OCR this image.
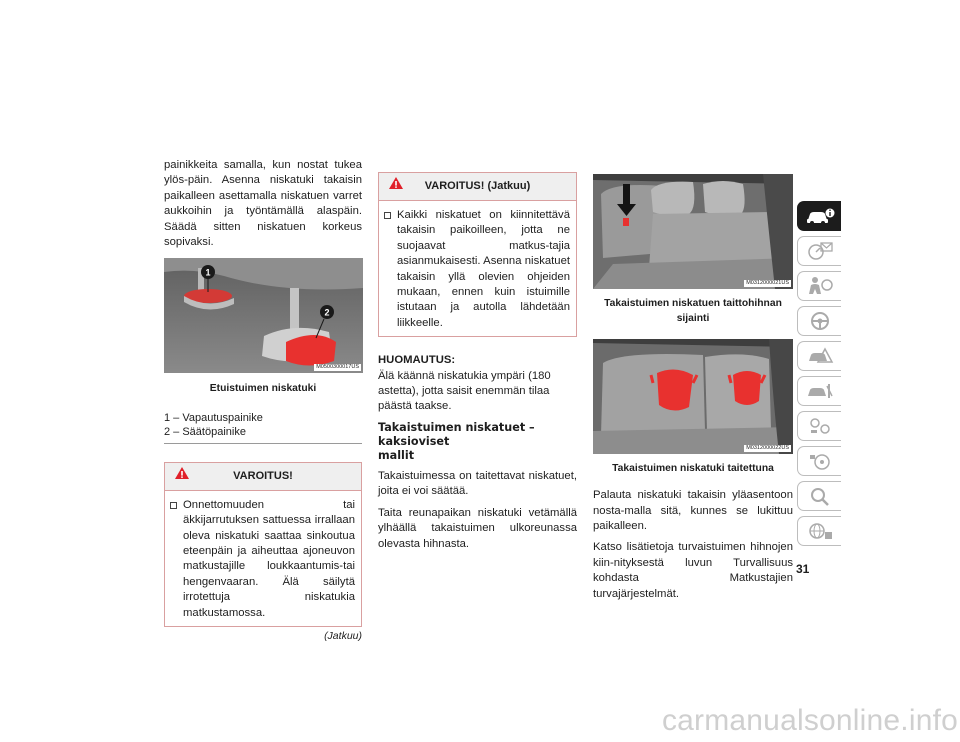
painikkeita samalla, kun nostat tukea ylös-päin. Asenna niskatuki takaisin paikalleen asettamalla niskatuen varret aukkoihin ja työntämällä alaspäin. Säädä sitten niskatuen korkeus sopivaksi.

1
2
M0500300017US
Etuistuimen niskatuki
1 – Vapautuspainike
2 – Säätöpainike
VAROITUS!
Onnettomuuden tai äkkijarrutuksen sattuessa irrallaan oleva niskatuki saattaa sinkoutua eteenpäin ja aiheuttaa ajoneuvon matkustajille loukkaantumis-tai hengenvaaran. Älä säilytä irrotettuja niskatukia matkustamossa.
(Jatkuu)
VAROITUS! (Jatkuu)
Kaikki niskatuet on kiinnitettävä takaisin paikoilleen, jotta ne suojaavat matkus-tajia asianmukaisesti. Asenna niskatuet takaisin yllä olevien ohjeiden mukaan, ennen kuin istuimille istutaan ja autolla lähdetään liikkeelle.
HUOMAUTUS:

Älä käännä niskatukia ympäri (180 astetta), jotta saisit enemmän tilaa päästä taakse.

Takaistuimen niskatuet – kaksioviset
mallit

Takaistuimessa on taitettavat niskatuet, joita ei voi säätää.

Taita reunapaikan niskatuki vetämällä ylhäällä takaistuimen ulkoreunassa olevasta hihnasta.

M0312000021US
Takaistuimen niskatuen taittohihnan sijainti
M0312000022US
Takaistuimen niskatuki taitettuna

Palauta niskatuki takaisin yläasentoon nosta-malla sitä, kunnes se lukittuu paikalleen.

Katso lisätietoja turvaistuimen hihnojen kiin-nityksestä luvun Turvallisuus kohdasta Matkustajien turvajärjestelmät.

31
carmanualsonline.info
